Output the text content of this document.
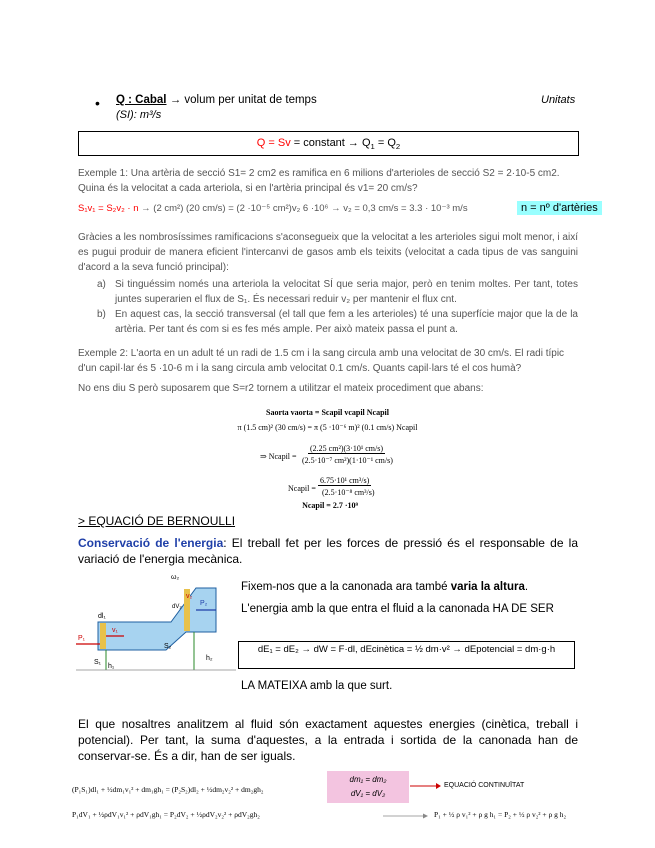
• Q : Cabal → volum per unitat de temps	Unitats
(SI): m³/s
Q = Sv = constant → $Q_1 = Q_2$
Exemple 1: Una artèria de secció S1= 2 cm2 es ramifica en 6 milions d'arterioles de secció S2 = 2·10-5 cm2. Quina és la velocitat a cada arteriola, si en l'artèria principal és v1= 20 cm/s?
S₁v₁ = S₂v₂ · n → (2 cm²) (20 cm/s) = (2 ·10⁻⁵ cm²)v₂ 6 ·10⁶ → v₂ = 0,3 cm/s = 3.3 · 10⁻³ m/s	n = nº d'artèries
Gràcies a les nombrosíssimes ramificacions s'aconsegueix que la velocitat a les arterioles sigui molt menor, i així es pugui produir de manera eficient l'intercanvi de gasos amb els teixits (velocitat a cada tipus de vas sanguini d'acord a la seva funció principal):
a) Si tinguéssim només una arteriola la velocitat SÍ que seria major, però en tenim moltes. Per tant, totes juntes superarien el flux de S₁. És necessari reduir v₂ per mantenir el flux cnt.
b) En aquest cas, la secció transversal (el tall que fem a les arterioles) té una superfície major que la de la artèria. Per tant és com si es fes més ample. Per això mateix passa el punt a.
Exemple 2: L'aorta en un adult té un radi de 1.5 cm i la sang circula amb una velocitat de 30 cm/s. El radi típic d'un capil·lar és 5 ·10-6 m i la sang circula amb velocitat 0.1 cm/s. Quants capil·lars té el cos humà?
No ens diu S però suposarem que S=r2 tornem a utilitzar el mateix procediment que abans:
Saorta vaorta = Scapil vcapil Ncapil
π (1.5 cm)² (30 cm/s) = π (5 ·10⁻⁶ m)² (0.1 cm/s) Ncapil
⇒ Ncapil =
(2.25 cm²)(3·10¹ cm/s)
(2.5·10⁻⁷ cm²)(1·10⁻¹ cm/s)
Ncapil =
6.75·10¹ cm³/s)
(2.5·10⁻⁸ cm³/s)
Ncapil = 2.7 ·10⁹
> EQUACIÓ DE BERNOULLI
Conservació de l'energia: El treball fet per les forces de pressió és el responsable de la variació de l'energia mecànica.
ω₂
dl₁
v₁
P₁
S₁
S₂
h₁
h₂
v₂
dV₂	P₂
Fixem-nos que a la canonada ara també varia la altura.
L'energia amb la que entra el fluid a la canonada HA DE SER
dE₁ = dE₂ → dW = F·dl, dEcinètica = ½ dm·v² → dEpotencial = dm·g·h
LA MATEIXA amb la que surt.
El que nosaltres analitzem al fluid són exactament aquestes energies (cinètica, treball i potencial). Per tant, la suma d'aquestes, a la entrada i sortida de la canonada han de conservar-se. És a dir, han de ser iguals.
(P₁S₁)dl₁ + ½dm₁v₁² + dm₁gh₁ = (P₂S₂)dl₂ + ½dm₂v₂² + dm₂gh₂
P₁dV₁ + ½ρdV₁v₁² + ρdV₁gh₁ = P₂dV₂ + ½ρdV₂v₂² + ρdV₂gh₂
dm₁ = dm₂
dV₁ = dV₂
EQUACIÓ CONTINUÏTAT
P₁ + ½ ρ v₁² + ρ g h₁ = P₂ + ½ ρ v₂² + ρ g h₂
